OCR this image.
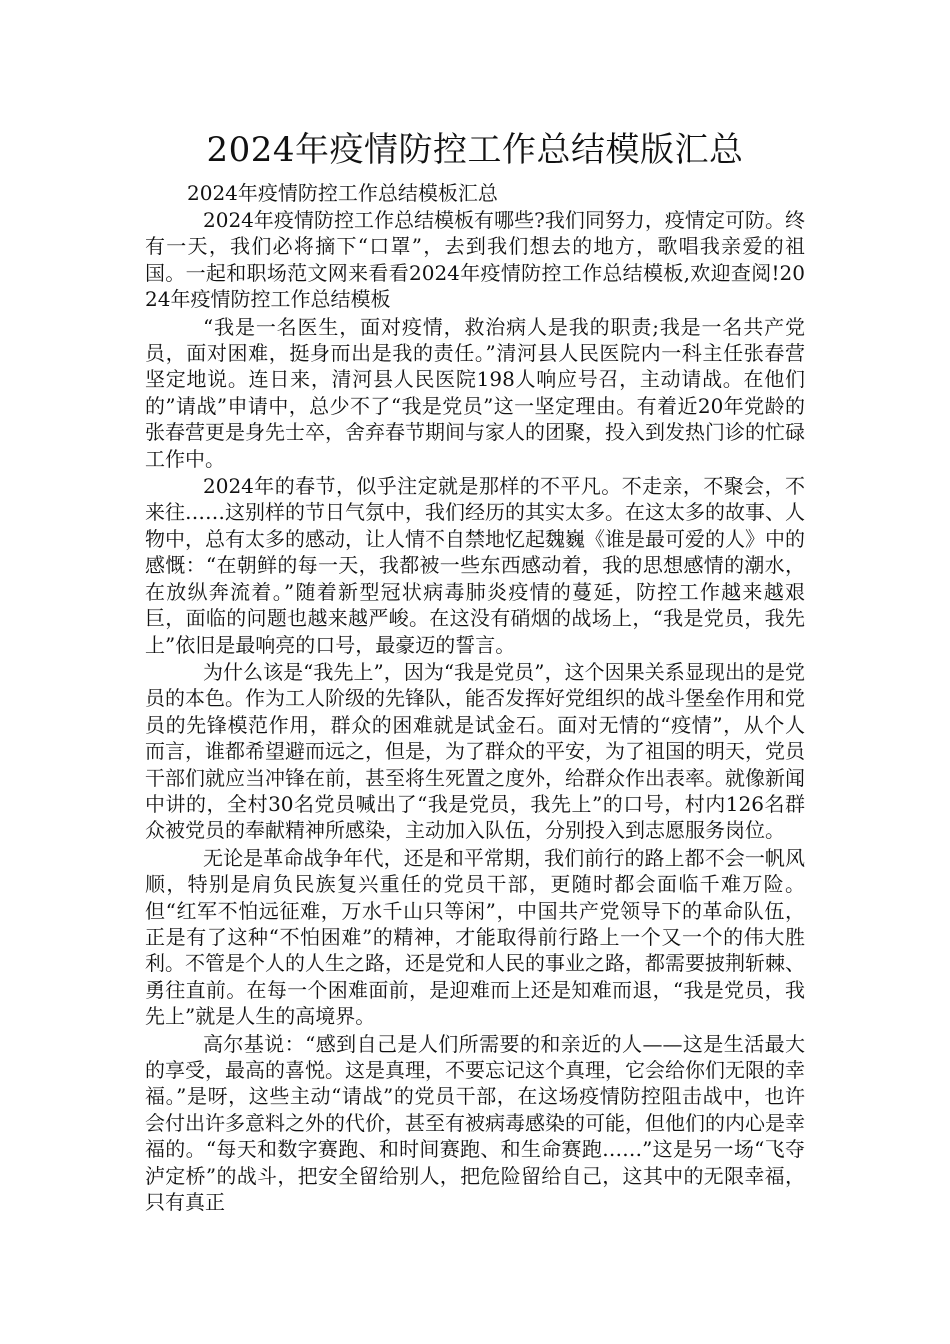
2024年疫情防控工作总结模版汇总

2024年疫情防控工作总结模板汇总

2024年疫情防控工作总结模板有哪些?我们同努力，疫情定可防。终有一天，我们必将摘下“口罩”，去到我们想去的地方，歌唱我亲爱的祖国。一起和职场范文网来看看2024年疫情防控工作总结模板,欢迎查阅!2024年疫情防控工作总结模板

“我是一名医生，面对疫情，救治病人是我的职责;我是一名共产党员，面对困难，挺身而出是我的责任。”清河县人民医院内一科主任张春营坚定地说。连日来，清河县人民医院198人响应号召，主动请战。在他们的”请战”申请中，总少不了“我是党员”这一坚定理由。有着近20年党龄的张春营更是身先士卒，舍弃春节期间与家人的团聚，投入到发热门诊的忙碌工作中。

2024年的春节，似乎注定就是那样的不平凡。不走亲，不聚会，不来往……这别样的节日气氛中，我们经历的其实太多。在这太多的故事、人物中，总有太多的感动，让人情不自禁地忆起魏巍《谁是最可爱的人》中的感慨：“在朝鲜的每一天，我都被一些东西感动着，我的思想感情的潮水，在放纵奔流着。”随着新型冠状病毒肺炎疫情的蔓延，防控工作越来越艰巨，面临的问题也越来越严峻。在这没有硝烟的战场上，“我是党员，我先上”依旧是最响亮的口号，最豪迈的誓言。

为什么该是“我先上”，因为“我是党员”，这个因果关系显现出的是党员的本色。作为工人阶级的先锋队，能否发挥好党组织的战斗堡垒作用和党员的先锋模范作用，群众的困难就是试金石。面对无情的“疫情”，从个人而言，谁都希望避而远之，但是，为了群众的平安，为了祖国的明天，党员干部们就应当冲锋在前，甚至将生死置之度外，给群众作出表率。就像新闻中讲的，全村30名党员喊出了“我是党员，我先上”的口号，村内126名群众被党员的奉献精神所感染，主动加入队伍，分别投入到志愿服务岗位。

无论是革命战争年代，还是和平常期，我们前行的路上都不会一帆风顺，特别是肩负民族复兴重任的党员干部，更随时都会面临千难万险。但“红军不怕远征难，万水千山只等闲”，中国共产党领导下的革命队伍，正是有了这种“不怕困难”的精神，才能取得前行路上一个又一个的伟大胜利。不管是个人的人生之路，还是党和人民的事业之路，都需要披荆斩棘、勇往直前。在每一个困难面前，是迎难而上还是知难而退，“我是党员，我先上”就是人生的高境界。

高尔基说：“感到自己是人们所需要的和亲近的人——这是生活最大的享受，最高的喜悦。这是真理，不要忘记这个真理，它会给你们无限的幸福。”是呀，这些主动“请战”的党员干部，在这场疫情防控阻击战中，也许会付出许多意料之外的代价，甚至有被病毒感染的可能，但他们的内心是幸福的。“每天和数字赛跑、和时间赛跑、和生命赛跑……”这是另一场“飞夺泸定桥”的战斗，把安全留给别人，把危险留给自己，这其中的无限幸福，只有真正
